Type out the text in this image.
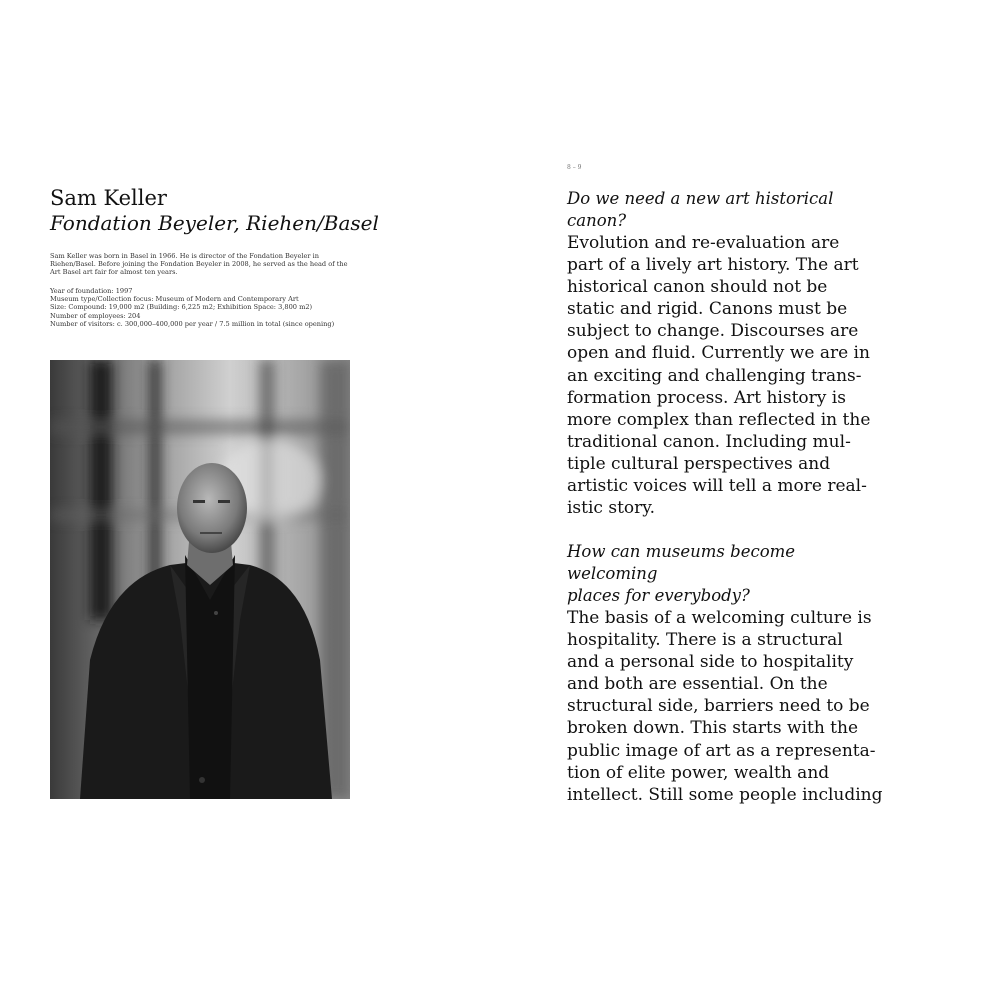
Sam Keller
Fondation Beyeler, Riehen/Basel
Sam Keller was born in Basel in 1966. He is director of the Fondation Beyeler in Riehen/Basel. Before joining the Fondation Beyeler in 2008, he served as the head of the Art Basel art fair for almost ten years.
Year of foundation: 1997
Museum type/Collection focus: Museum of Modern and Contemporary Art
Size: Compound: 19,000 m2 (Building: 6,225 m2; Exhibition Space: 3,800 m2)
Number of employees: 204
Number of visitors: c. 300,000–400,000 per year / 7.5 million in total (since opening)
8 – 9
Do we need a new art historical canon?
Evolution and re-evaluation are
part of a lively art history. The art
historical canon should not be
static and rigid. Canons must be
subject to change. Discourses are
open and fluid. Currently we are in
an exciting and challenging trans-
formation process. Art history is
more complex than reflected in the
traditional canon. Including mul-
tiple cultural perspectives and
artistic voices will tell a more real-
istic story.
How can museums become welcoming
places for everybody?
The basis of a welcoming culture is
hospitality. There is a structural
and a personal side to hospitality
and both are essential. On the
structural side, barriers need to be
broken down. This starts with the
public image of art as a representa-
tion of elite power, wealth and
intellect. Still some people including
